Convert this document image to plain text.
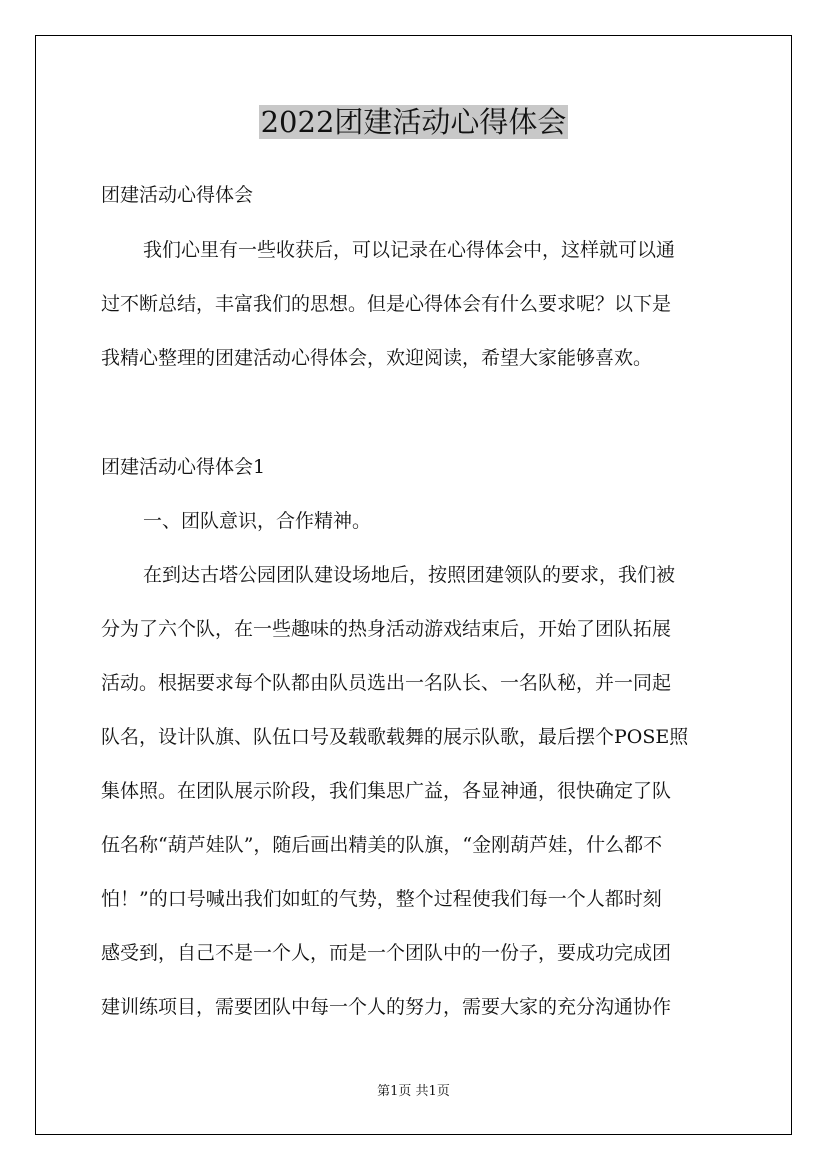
2022团建活动心得体会
团建活动心得体会
我们心里有一些收获后，可以记录在心得体会中，这样就可以通
过不断总结，丰富我们的思想。但是心得体会有什么要求呢？以下是
我精心整理的团建活动心得体会，欢迎阅读，希望大家能够喜欢。
团建活动心得体会1
一、团队意识，合作精神。
在到达古塔公园团队建设场地后，按照团建领队的要求，我们被
分为了六个队，在一些趣味的热身活动游戏结束后，开始了团队拓展
活动。根据要求每个队都由队员选出一名队长、一名队秘，并一同起
队名，设计队旗、队伍口号及载歌载舞的展示队歌，最后摆个POSE照
集体照。在团队展示阶段，我们集思广益，各显神通，很快确定了队
伍名称“葫芦娃队”，随后画出精美的队旗，“金刚葫芦娃，什么都不
怕！”的口号喊出我们如虹的气势，整个过程使我们每一个人都时刻
感受到，自己不是一个人，而是一个团队中的一份子，要成功完成团
建训练项目，需要团队中每一个人的努力，需要大家的充分沟通协作
第1页 共1页
